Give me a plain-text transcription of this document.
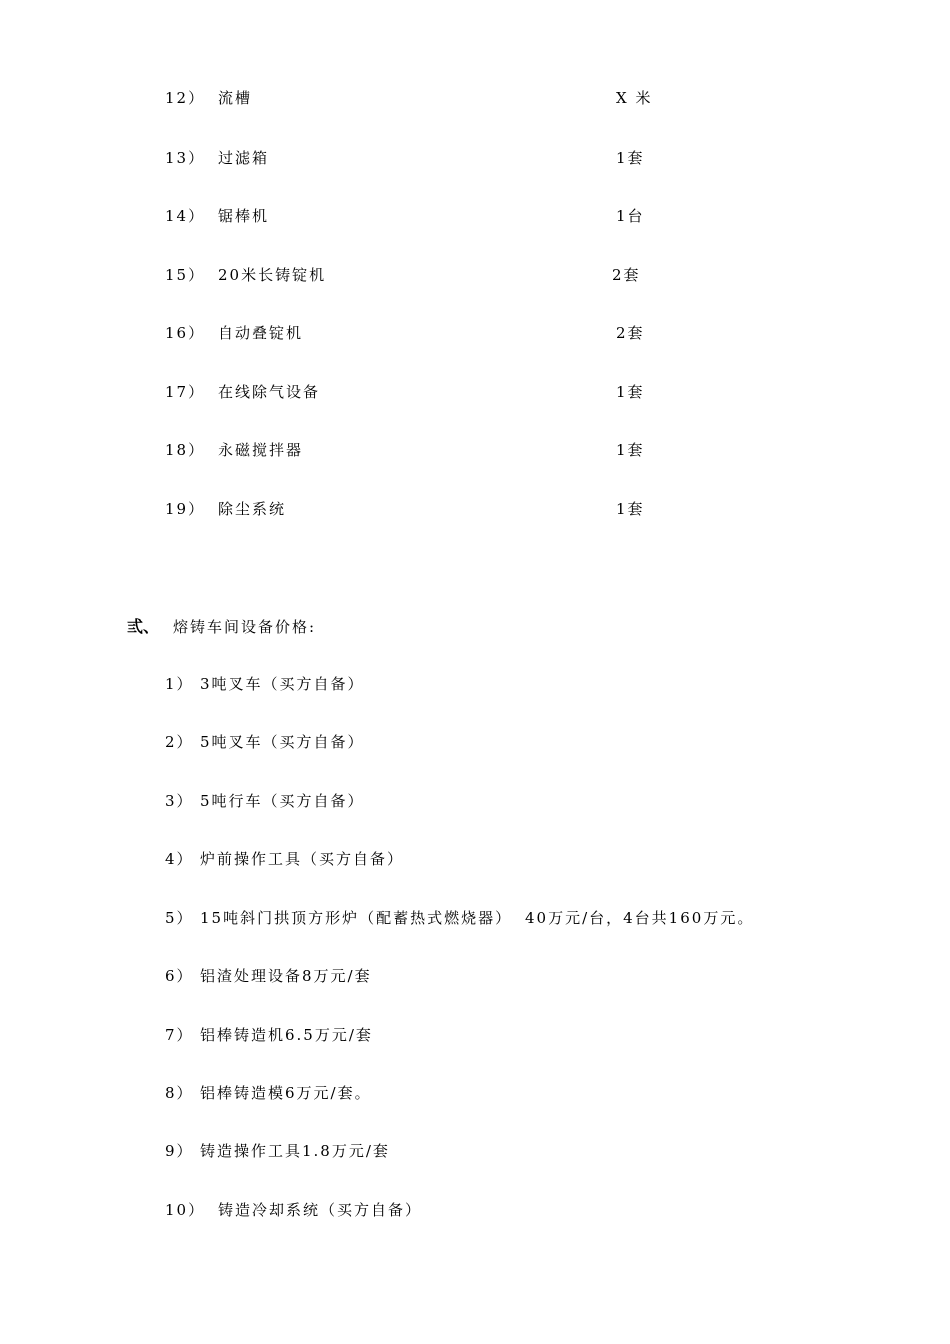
12） 流槽	X 米
13） 过滤箱	1套
14） 锯棒机	1台
15） 20米长铸锭机	2套
16） 自动叠锭机	2套
17） 在线除气设备	1套
18） 永磁搅拌器	1套
19） 除尘系统	1套
弎、 熔铸车间设备价格:
1） 3吨叉车（买方自备）
2） 5吨叉车（买方自备）
3） 5吨行车（买方自备）
4） 炉前操作工具（买方自备）
5） 15吨斜门拱顶方形炉（配蓄热式燃烧器） 40万元/台，4台共160万元。
6） 铝渣处理设备8万元/套
7） 铝棒铸造机6.5万元/套
8） 铝棒铸造模6万元/套。
9） 铸造操作工具1.8万元/套
10） 铸造冷却系统（买方自备）
